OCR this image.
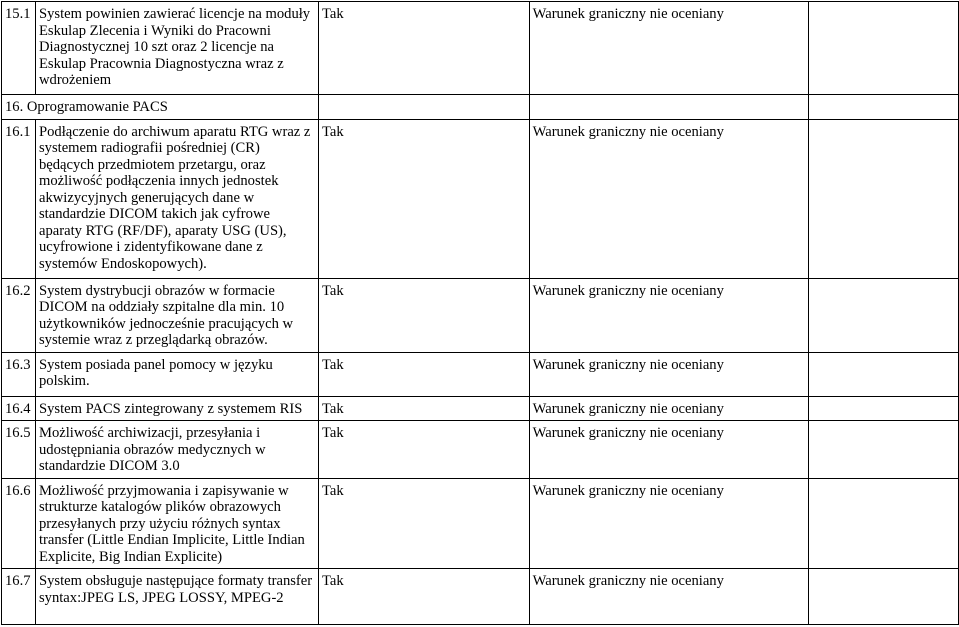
15.1	System powinien zawierać licencje na moduły Eskulap Zlecenia i Wyniki do Pracowni Diagnostycznej 10 szt oraz 2 licencje na Eskulap Pracownia Diagnostyczna wraz z wdrożeniem	Tak	Warunek graniczny nie oceniany	
16. Oprogramowanie PACS				
16.1	Podłączenie do archiwum aparatu RTG wraz z systemem radiografii pośredniej (CR) będących przedmiotem przetargu, oraz możliwość podłączenia innych jednostek akwizycyjnych generujących dane w standardzie DICOM takich jak cyfrowe aparaty RTG (RF/DF), aparaty USG (US), ucyfrowione i zidentyfikowane dane z systemów Endoskopowych).	Tak	Warunek graniczny nie oceniany	
16.2	System dystrybucji obrazów w formacie DICOM na oddziały szpitalne dla min. 10 użytkowników jednocześnie pracujących w systemie wraz z przeglądarką obrazów.	Tak	Warunek graniczny nie oceniany	
16.3	System posiada panel pomocy w języku polskim.	Tak	Warunek graniczny nie oceniany	
16.4	System PACS zintegrowany z systemem RIS	Tak	Warunek graniczny nie oceniany	
16.5	Możliwość archiwizacji, przesyłania i udostępniania obrazów medycznych w standardzie DICOM 3.0	Tak	Warunek graniczny nie oceniany	
16.6	Możliwość przyjmowania i zapisywanie w strukturze katalogów plików obrazowych przesyłanych przy użyciu różnych syntax transfer (Little Endian Implicite, Little Indian Explicite, Big Indian Explicite)	Tak	Warunek graniczny nie oceniany	
16.7	System obsługuje następujące formaty transfer syntax:JPEG LS, JPEG LOSSY, MPEG-2	Tak	Warunek graniczny nie oceniany	
